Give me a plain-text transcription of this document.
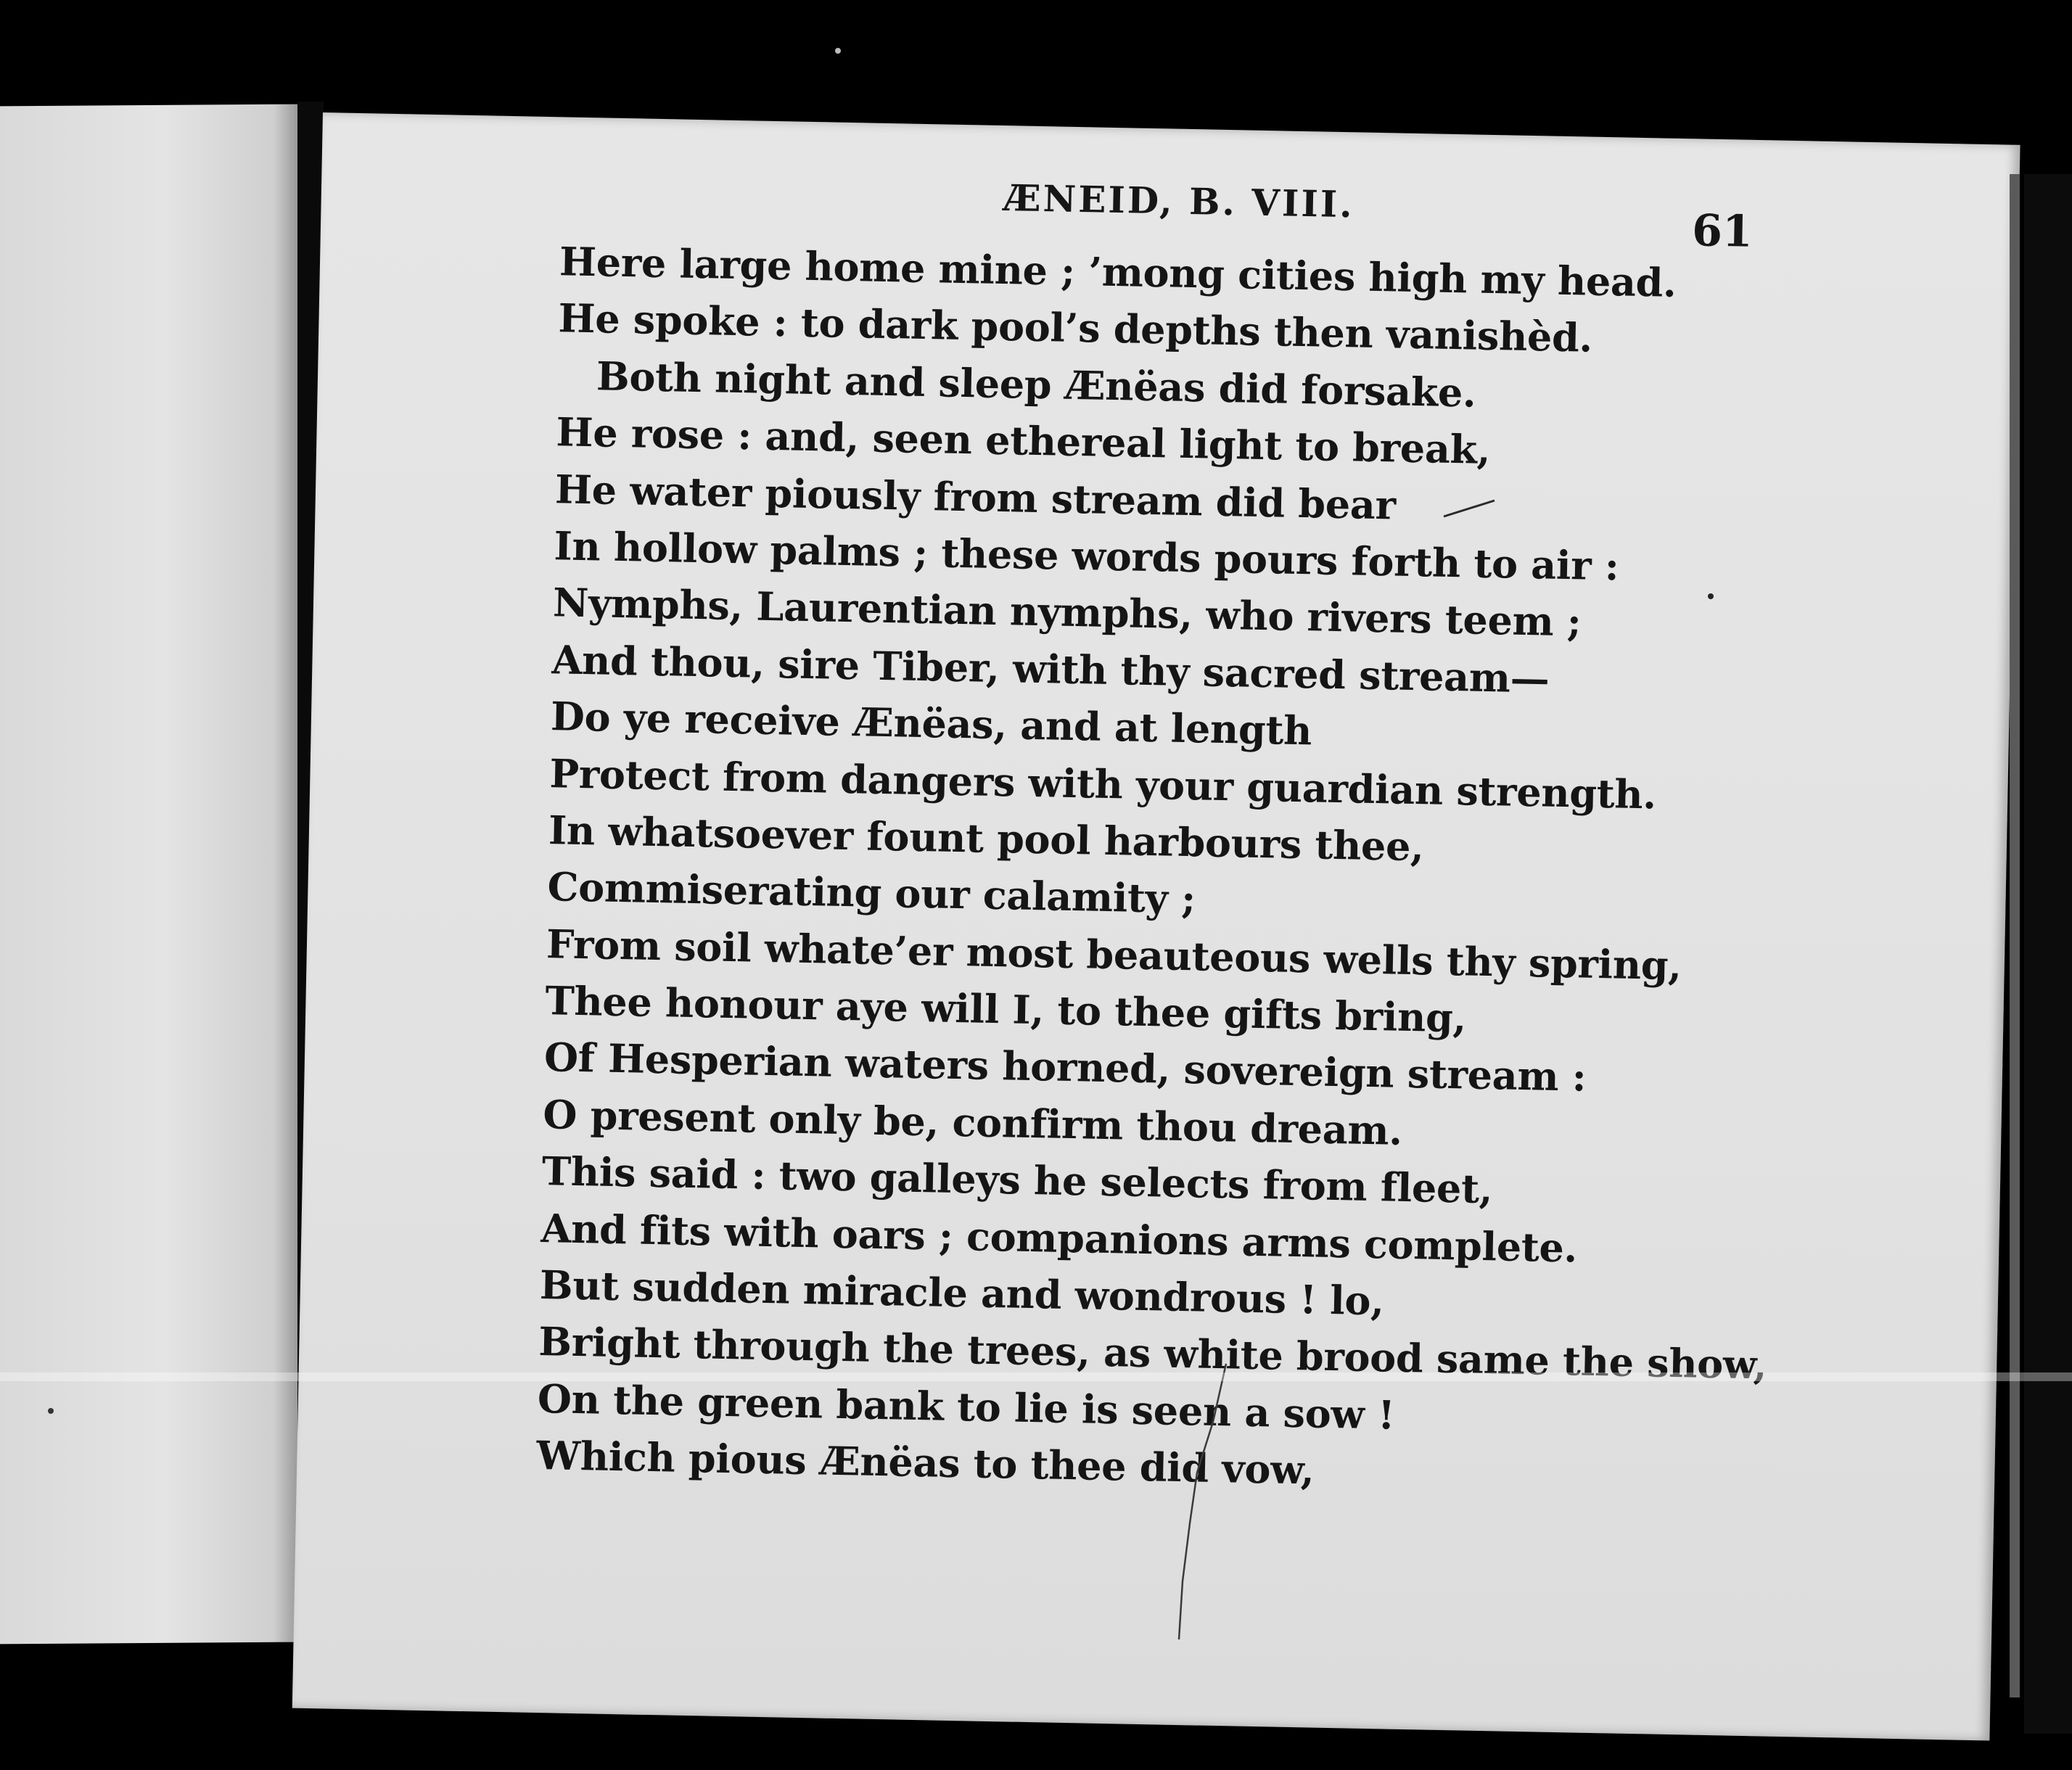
ÆNEID, B. VIII.
61
Here large home mine ; ’mong cities high my head.
He spoke : to dark pool’s depths then vanishèd.
Both night and sleep Ænëas did forsake.
He rose : and, seen ethereal light to break,
He water piously from stream did bear
In hollow palms ; these words pours forth to air :
Nymphs, Laurentian nymphs, who rivers teem ;
And thou, sire Tiber, with thy sacred stream—
Do ye receive Ænëas, and at length
Protect from dangers with your guardian strength.
In whatsoever fount pool harbours thee,
Commiserating our calamity ;
From soil whate’er most beauteous wells thy spring,
Thee honour aye will I, to thee gifts bring,
Of Hesperian waters horned, sovereign stream :
O present only be, confirm thou dream.
This said : two galleys he selects from fleet,
And fits with oars ; companions arms complete.
But sudden miracle and wondrous ! lo,
Bright through the trees, as white brood same the show,
On the green bank to lie is seen a sow !
Which pious Ænëas to thee did vow,
